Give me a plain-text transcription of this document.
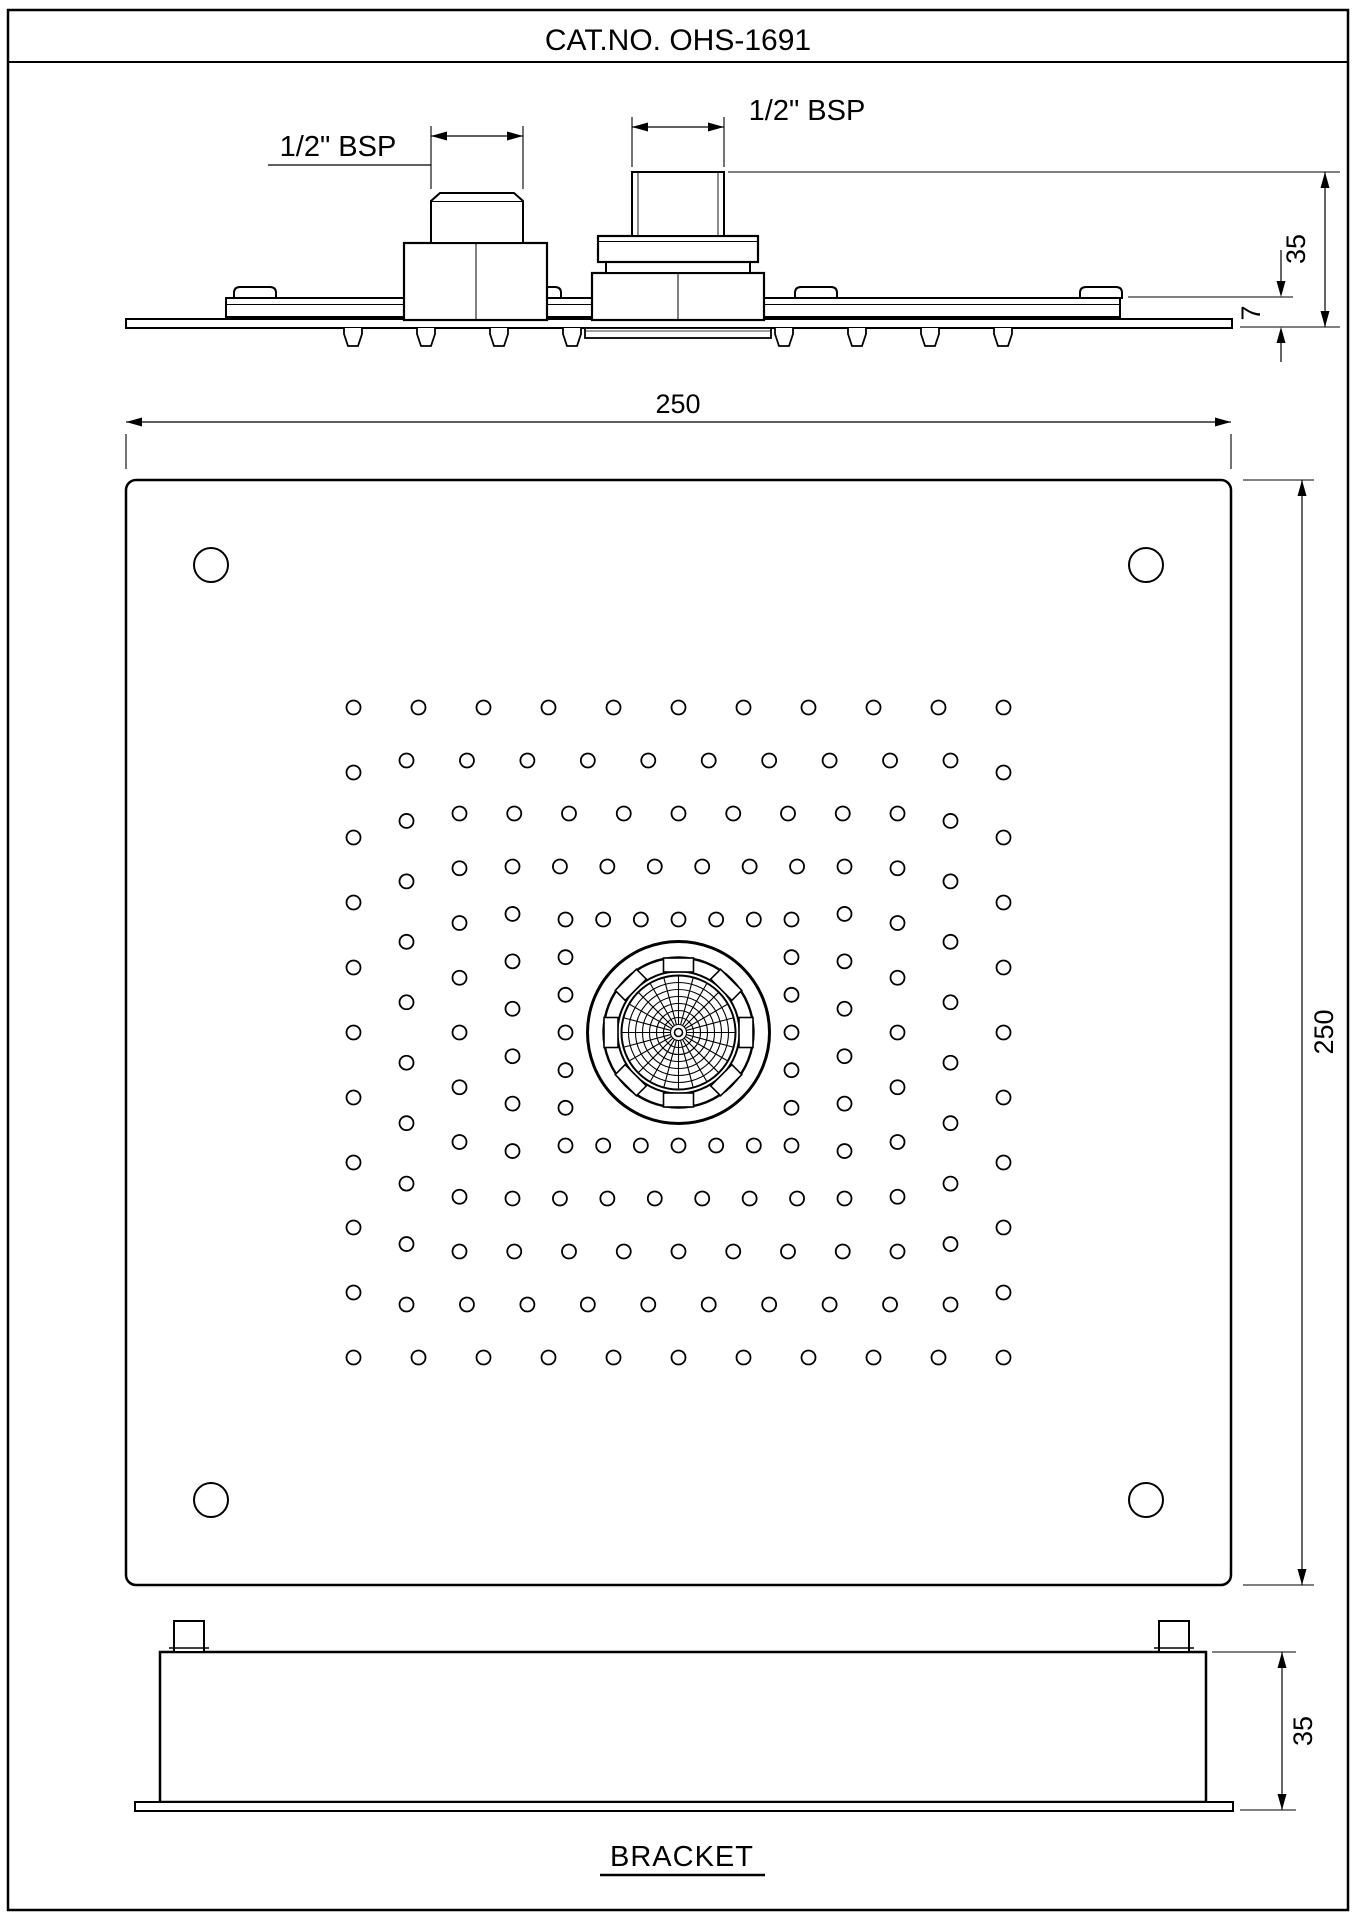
CAT.NO. OHS-1691
1/2" BSP
1/2" BSP
35
7
250
250
BRACKET
35
